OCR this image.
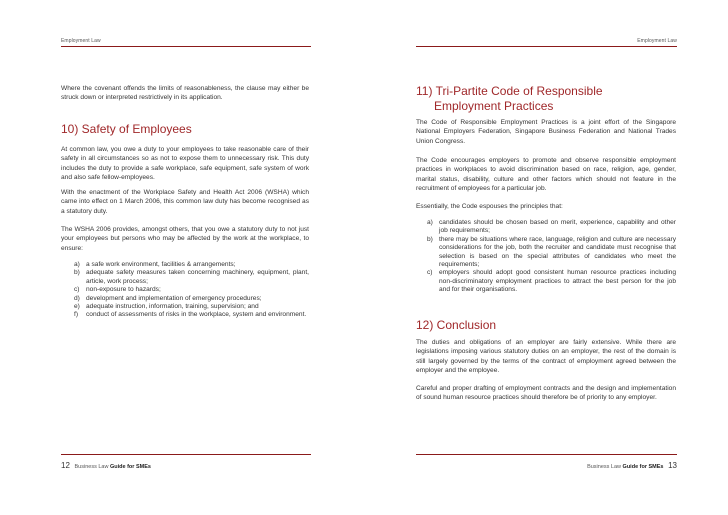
Employment Law
Where the covenant offends the limits of reasonableness, the clause may either be struck down or interpreted restrictively in its application.
10) Safety of Employees
At common law, you owe a duty to your employees to take reasonable care of their safety in all circumstances so as not to expose them to unnecessary risk. This duty includes the duty to provide a safe workplace, safe equipment, safe system of work and also safe fellow-employees.
With the enactment of the Workplace Safety and Health Act 2006 (WSHA) which came into effect on 1 March 2006, this common law duty has become recognised as a statutory duty.
The WSHA 2006 provides, amongst others, that you owe a statutory duty to not just your employees but persons who may be affected by the work at the workplace, to ensure:
a) a safe work environment, facilities & arrangements;
b) adequate safety measures taken concerning machinery, equipment, plant, article, work process;
c) non-exposure to hazards;
d) development and implementation of emergency procedures;
e) adequate instruction, information, training, supervision; and
f) conduct of assessments of risks in the workplace, system and environment.
12 Business Law Guide for SMEs
Employment Law
11) Tri-Partite Code of Responsible
Employment Practices
The Code of Responsible Employment Practices is a joint effort of the Singapore National Employers Federation, Singapore Business Federation and National Trades Union Congress.
The Code encourages employers to promote and observe responsible employment practices in workplaces to avoid discrimination based on race, religion, age, gender, marital status, disability, culture and other factors which should not feature in the recruitment of employees for a particular job.
Essentially, the Code espouses the principles that:
a) candidates should be chosen based on merit, experience, capability and other job requirements;
b) there may be situations where race, language, religion and culture are necessary considerations for the job, both the recruiter and candidate must recognise that selection is based on the special attributes of candidates who meet the requirements;
c) employers should adopt good consistent human resource practices including non-discriminatory employment practices to attract the best person for the job and for their organisations.
12) Conclusion
The duties and obligations of an employer are fairly extensive. While there are legislations imposing various statutory duties on an employer, the rest of the domain is still largely governed by the terms of the contract of employment agreed between the employer and the employee.
Careful and proper drafting of employment contracts and the design and implementation of sound human resource practices should therefore be of priority to any employer.
Business Law Guide for SMEs 13
